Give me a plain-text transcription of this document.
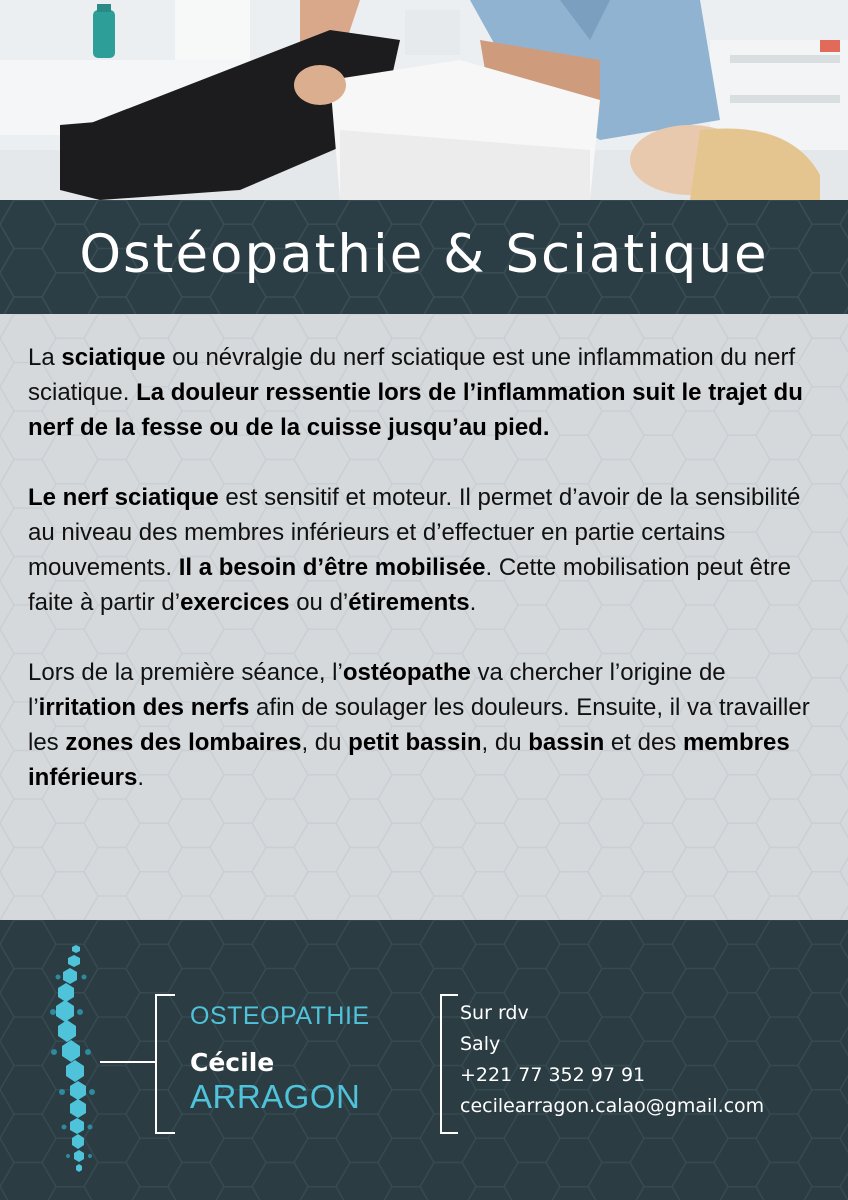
Ostéopathie & Sciatique

La sciatique ou névralgie du nerf sciatique est une inflammation du nerf sciatique. La douleur ressentie lors de l’inflammation suit le trajet du nerf de la fesse ou de la cuisse jusqu’au pied.

Le nerf sciatique est sensitif et moteur. Il permet d’avoir de la sensibilité au niveau des membres inférieurs et d’effectuer en partie certains mouvements. Il a besoin d’être mobilisée. Cette mobilisation peut être faite à partir d’exercices ou d’étirements.

Lors de la première séance, l’ostéopathe va chercher l’origine de l’irritation des nerfs afin de soulager les douleurs. Ensuite, il va travailler les zones des lombaires, du petit bassin, du bassin et des membres inférieurs.

OSTEOPATHIE
Cécile
ARRAGON
Sur rdv
Saly
+221 77 352 97 91
cecilearragon.calao@gmail.com
